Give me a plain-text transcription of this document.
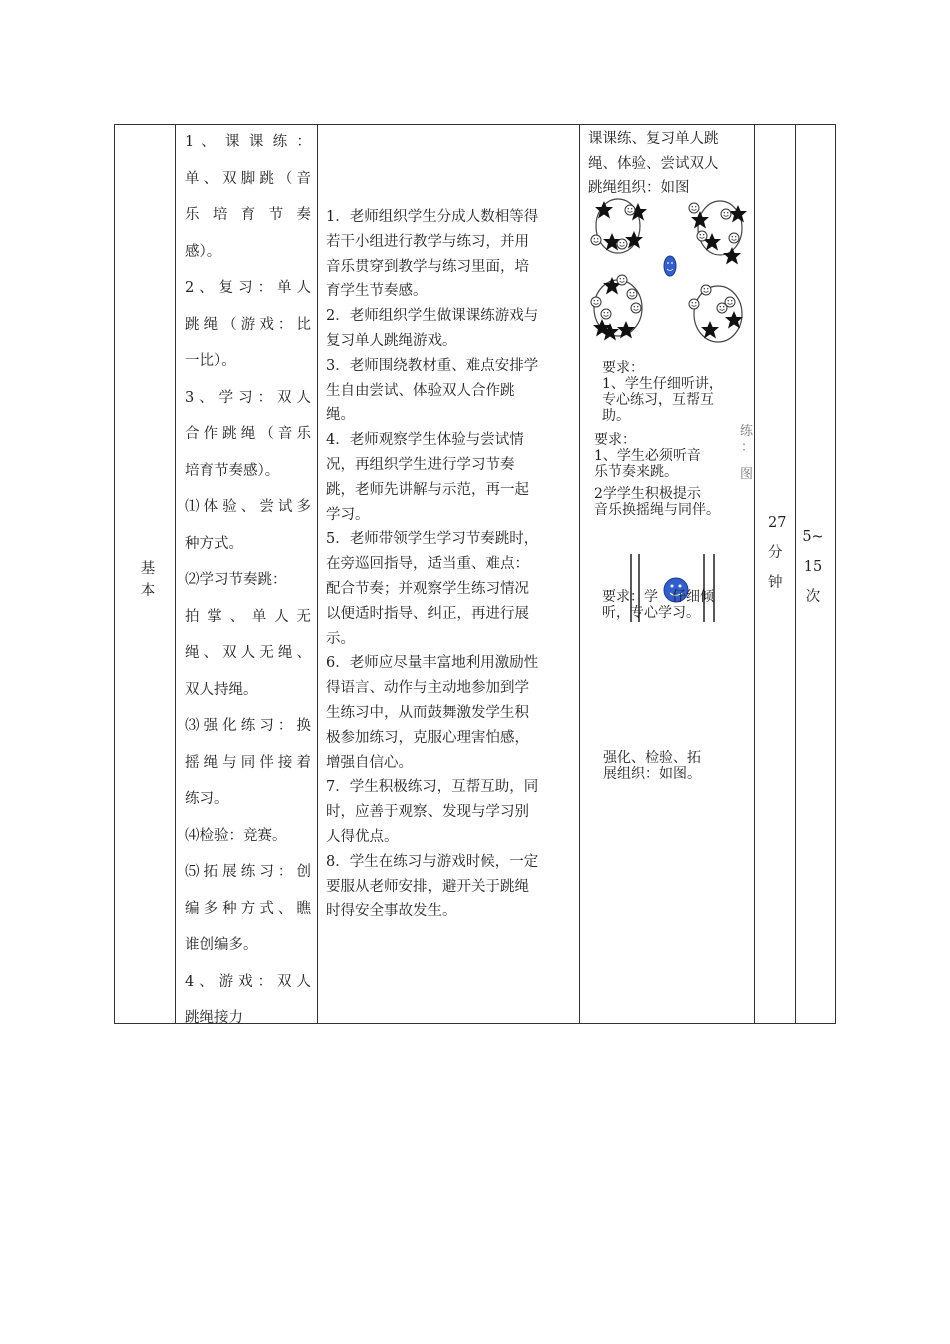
基本
1 、 课 课 练 ：
单、双脚跳（音
乐 培 育 节 奏
感）。
2、复习：单人
跳绳（游戏：比
一比）。
3、学习：双人
合作跳绳（音乐
培育节奏感）。
⑴体验、尝试多
种方式。
⑵学习节奏跳：
拍 掌 、 单 人 无
绳、双人无绳、
双人持绳。
⑶强化练习：换
摇绳与同伴接着
练习。
⑷检验：竞赛。
⑸拓展练习：创
编多种方式、瞧
谁创编多。
4、游戏：双人
跳绳接力
1．老师组织学生分成人数相等得
若干小组进行教学与练习，并用
音乐贯穿到教学与练习里面，培
育学生节奏感。
2．老师组织学生做课课练游戏与
复习单人跳绳游戏。
3．老师围绕教材重、难点安排学
生自由尝试、体验双人合作跳
绳。
4．老师观察学生体验与尝试情
况，再组织学生进行学习节奏
跳，老师先讲解与示范，再一起
学习。
5．老师带领学生学习节奏跳时，
在旁巡回指导，适当重、难点：
配合节奏；并观察学生练习情况
以便适时指导、纠正，再进行展
示。
6．老师应尽量丰富地利用激励性
得语言、动作与主动地参加到学
生练习中，从而鼓舞激发学生积
极参加练习，克服心理害怕感，
增强自信心。
7．学生积极练习，互帮互助，同
时，应善于观察、发现与学习别
人得优点。
8．学生在练习与游戏时候，一定
要服从老师安排，避开关于跳绳
时得安全事故发生。
课课练、复习单人跳
绳、体验、尝试双人
跳绳组织：如图
要求：
1、学生仔细听讲，
专心练习，互帮互
助。
练
：
图
要求：
1、学生必须听音
乐节奏来跳。
2学学生积极提示
音乐换摇绳与同伴。
要求：学 仔细倾
听，专心学习。
强化、检验、拓
展组织：如图。
27
分
钟
5~
15
次
